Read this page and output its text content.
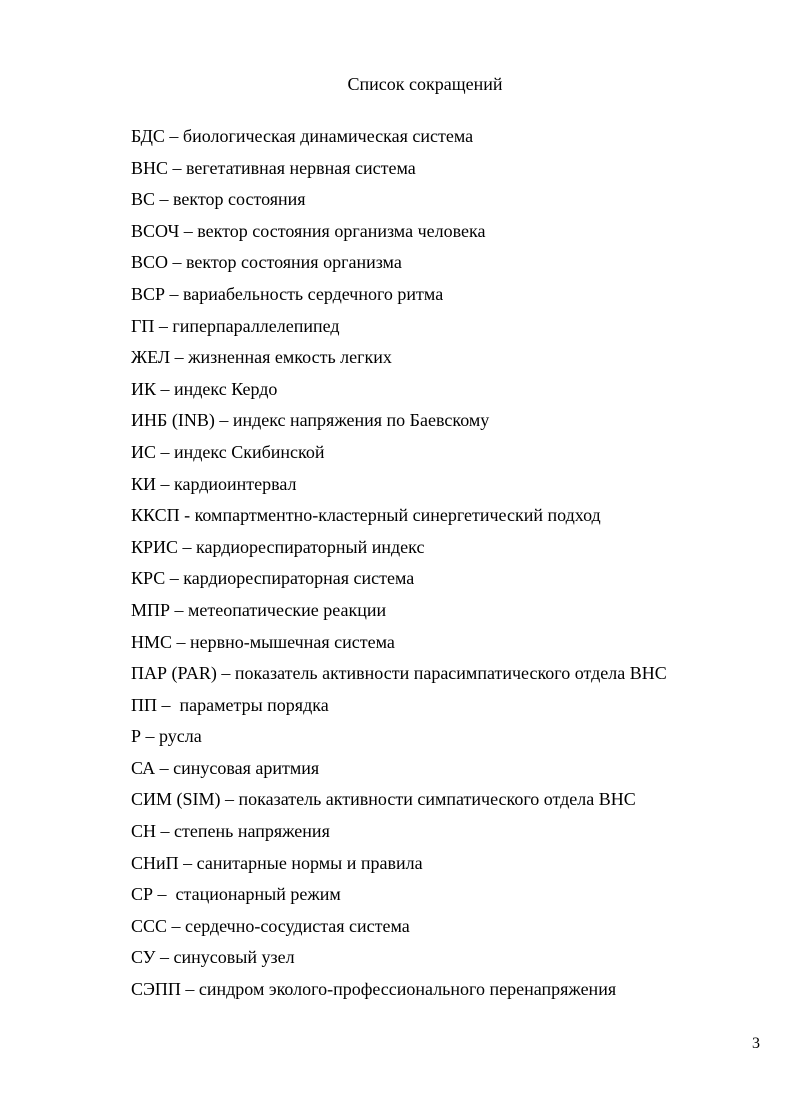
Список сокращений
БДС – биологическая динамическая система
ВНС – вегетативная нервная система
ВС – вектор состояния
ВСОЧ – вектор состояния организма человека
ВСО – вектор состояния организма
ВСР – вариабельность сердечного ритма
ГП – гиперпараллелепипед
ЖЕЛ – жизненная емкость легких
ИК – индекс Кердо
ИНБ (INB) – индекс напряжения по Баевскому
ИС – индекс Скибинской
КИ – кардиоинтервал
ККСП - компартментно-кластерный синергетический подход
КРИС – кардиореспираторный индекс
КРС – кардиореспираторная система
МПР – метеопатические реакции
НМС – нервно-мышечная система
ПАР (PAR) – показатель активности парасимпатического отдела ВНС
ПП –  параметры порядка
Р – русла
СА – синусовая аритмия
СИМ (SIM) – показатель активности симпатического отдела ВНС
СН – степень напряжения
СНиП – санитарные нормы и правила
СР –  стационарный режим
ССС – сердечно-сосудистая система
СУ – синусовый узел
СЭПП – синдром эколого-профессионального перенапряжения
3
